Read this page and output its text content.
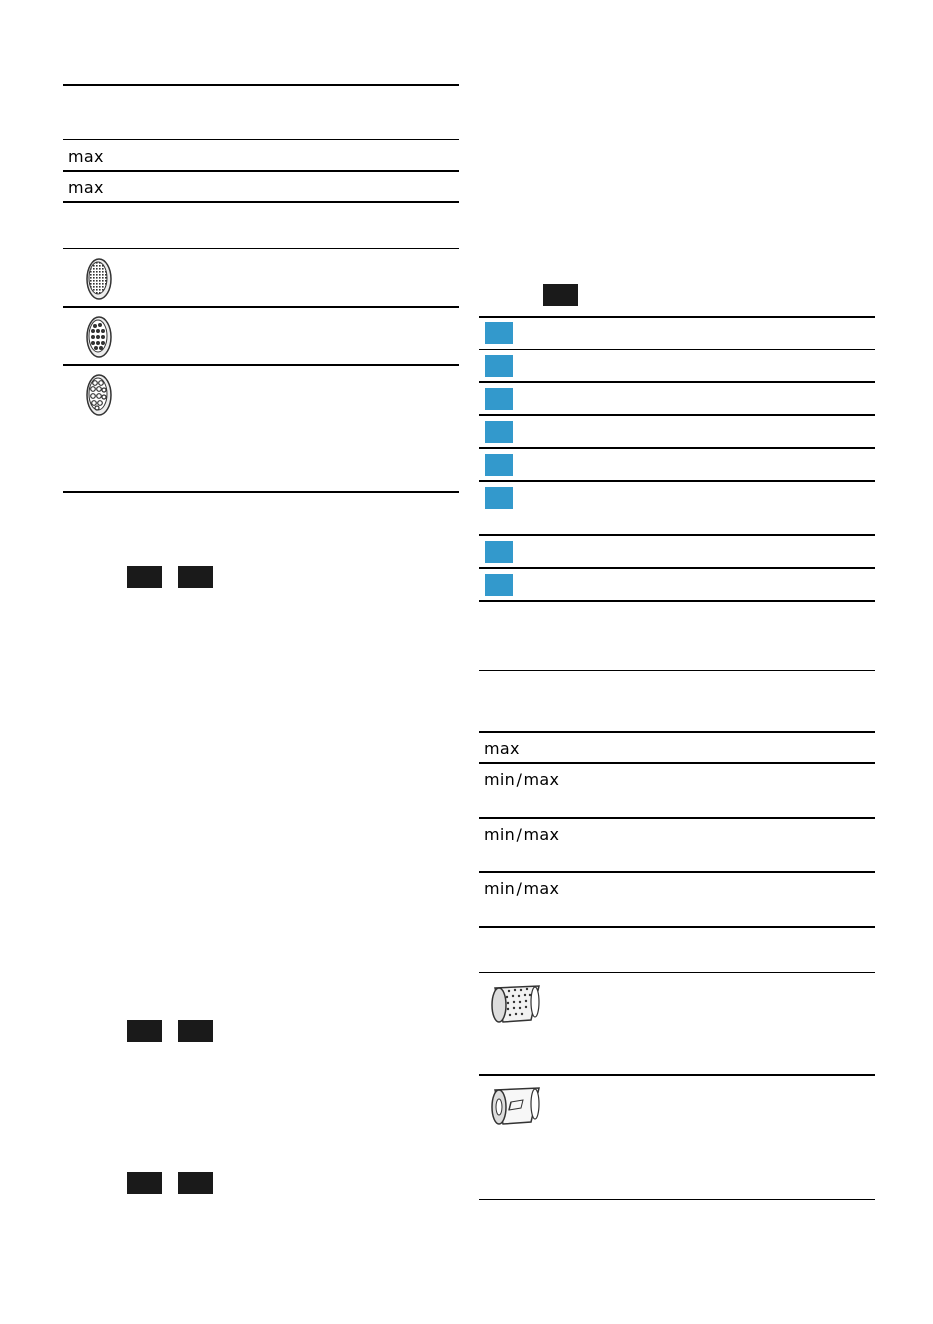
max
max
max
min / max
min / max
min / max
